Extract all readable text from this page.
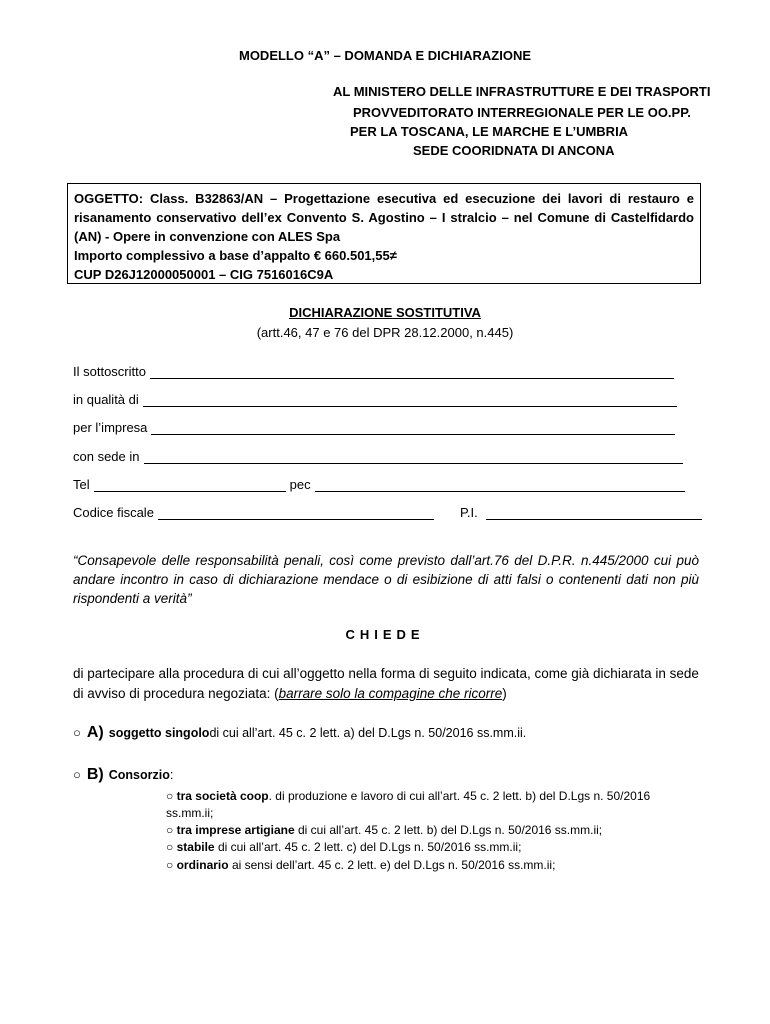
MODELLO “A” – DOMANDA E DICHIARAZIONE
AL MINISTERO DELLE INFRASTRUTTURE E DEI TRASPORTI
PROVVEDITORATO INTERREGIONALE PER LE OO.PP.
PER LA TOSCANA, LE MARCHE E L’UMBRIA
SEDE COORIDNATA DI ANCONA
OGGETTO: Class. B32863/AN – Progettazione esecutiva ed esecuzione dei lavori di restauro e
risanamento conservativo dell’ex Convento S. Agostino – I stralcio – nel Comune di Castelfidardo
(AN) - Opere in convenzione con ALES Spa
Importo complessivo a base d’appalto € 660.501,55≠
CUP D26J12000050001 – CIG 7516016C9A
DICHIARAZIONE SOSTITUTIVA
(artt.46, 47 e 76 del DPR 28.12.2000, n.445)
Il sottoscritto
in qualità di
per l’impresa
con sede in
Tel	pec
Codice fiscale	P.I.
“Consapevole delle responsabilità penali, così come previsto dall’art.76 del D.P.R. n.445/2000 cui può andare incontro in caso di dichiarazione mendace o di esibizione di atti falsi o contenenti dati non più rispondenti a verità”
CHIEDE
di partecipare alla procedura di cui all’oggetto nella forma di seguito indicata, come già dichiarata in sede di avviso di procedura negoziata: (barrare solo la compagine che ricorre)
○ A) soggetto singolo di cui all’art. 45 c. 2 lett. a) del D.Lgs n. 50/2016 ss.mm.ii.
○ B) Consorzio :
○ tra società coop. di produzione e lavoro di cui all’art. 45 c. 2 lett. b) del D.Lgs n. 50/2016 ss.mm.ii;
○ tra imprese artigiane di cui all’art. 45 c. 2 lett. b) del D.Lgs n. 50/2016 ss.mm.ii;
○ stabile di cui all’art. 45 c. 2 lett. c) del D.Lgs n. 50/2016 ss.mm.ii;
○ ordinario ai sensi dell’art. 45 c. 2 lett. e) del D.Lgs n. 50/2016 ss.mm.ii;
